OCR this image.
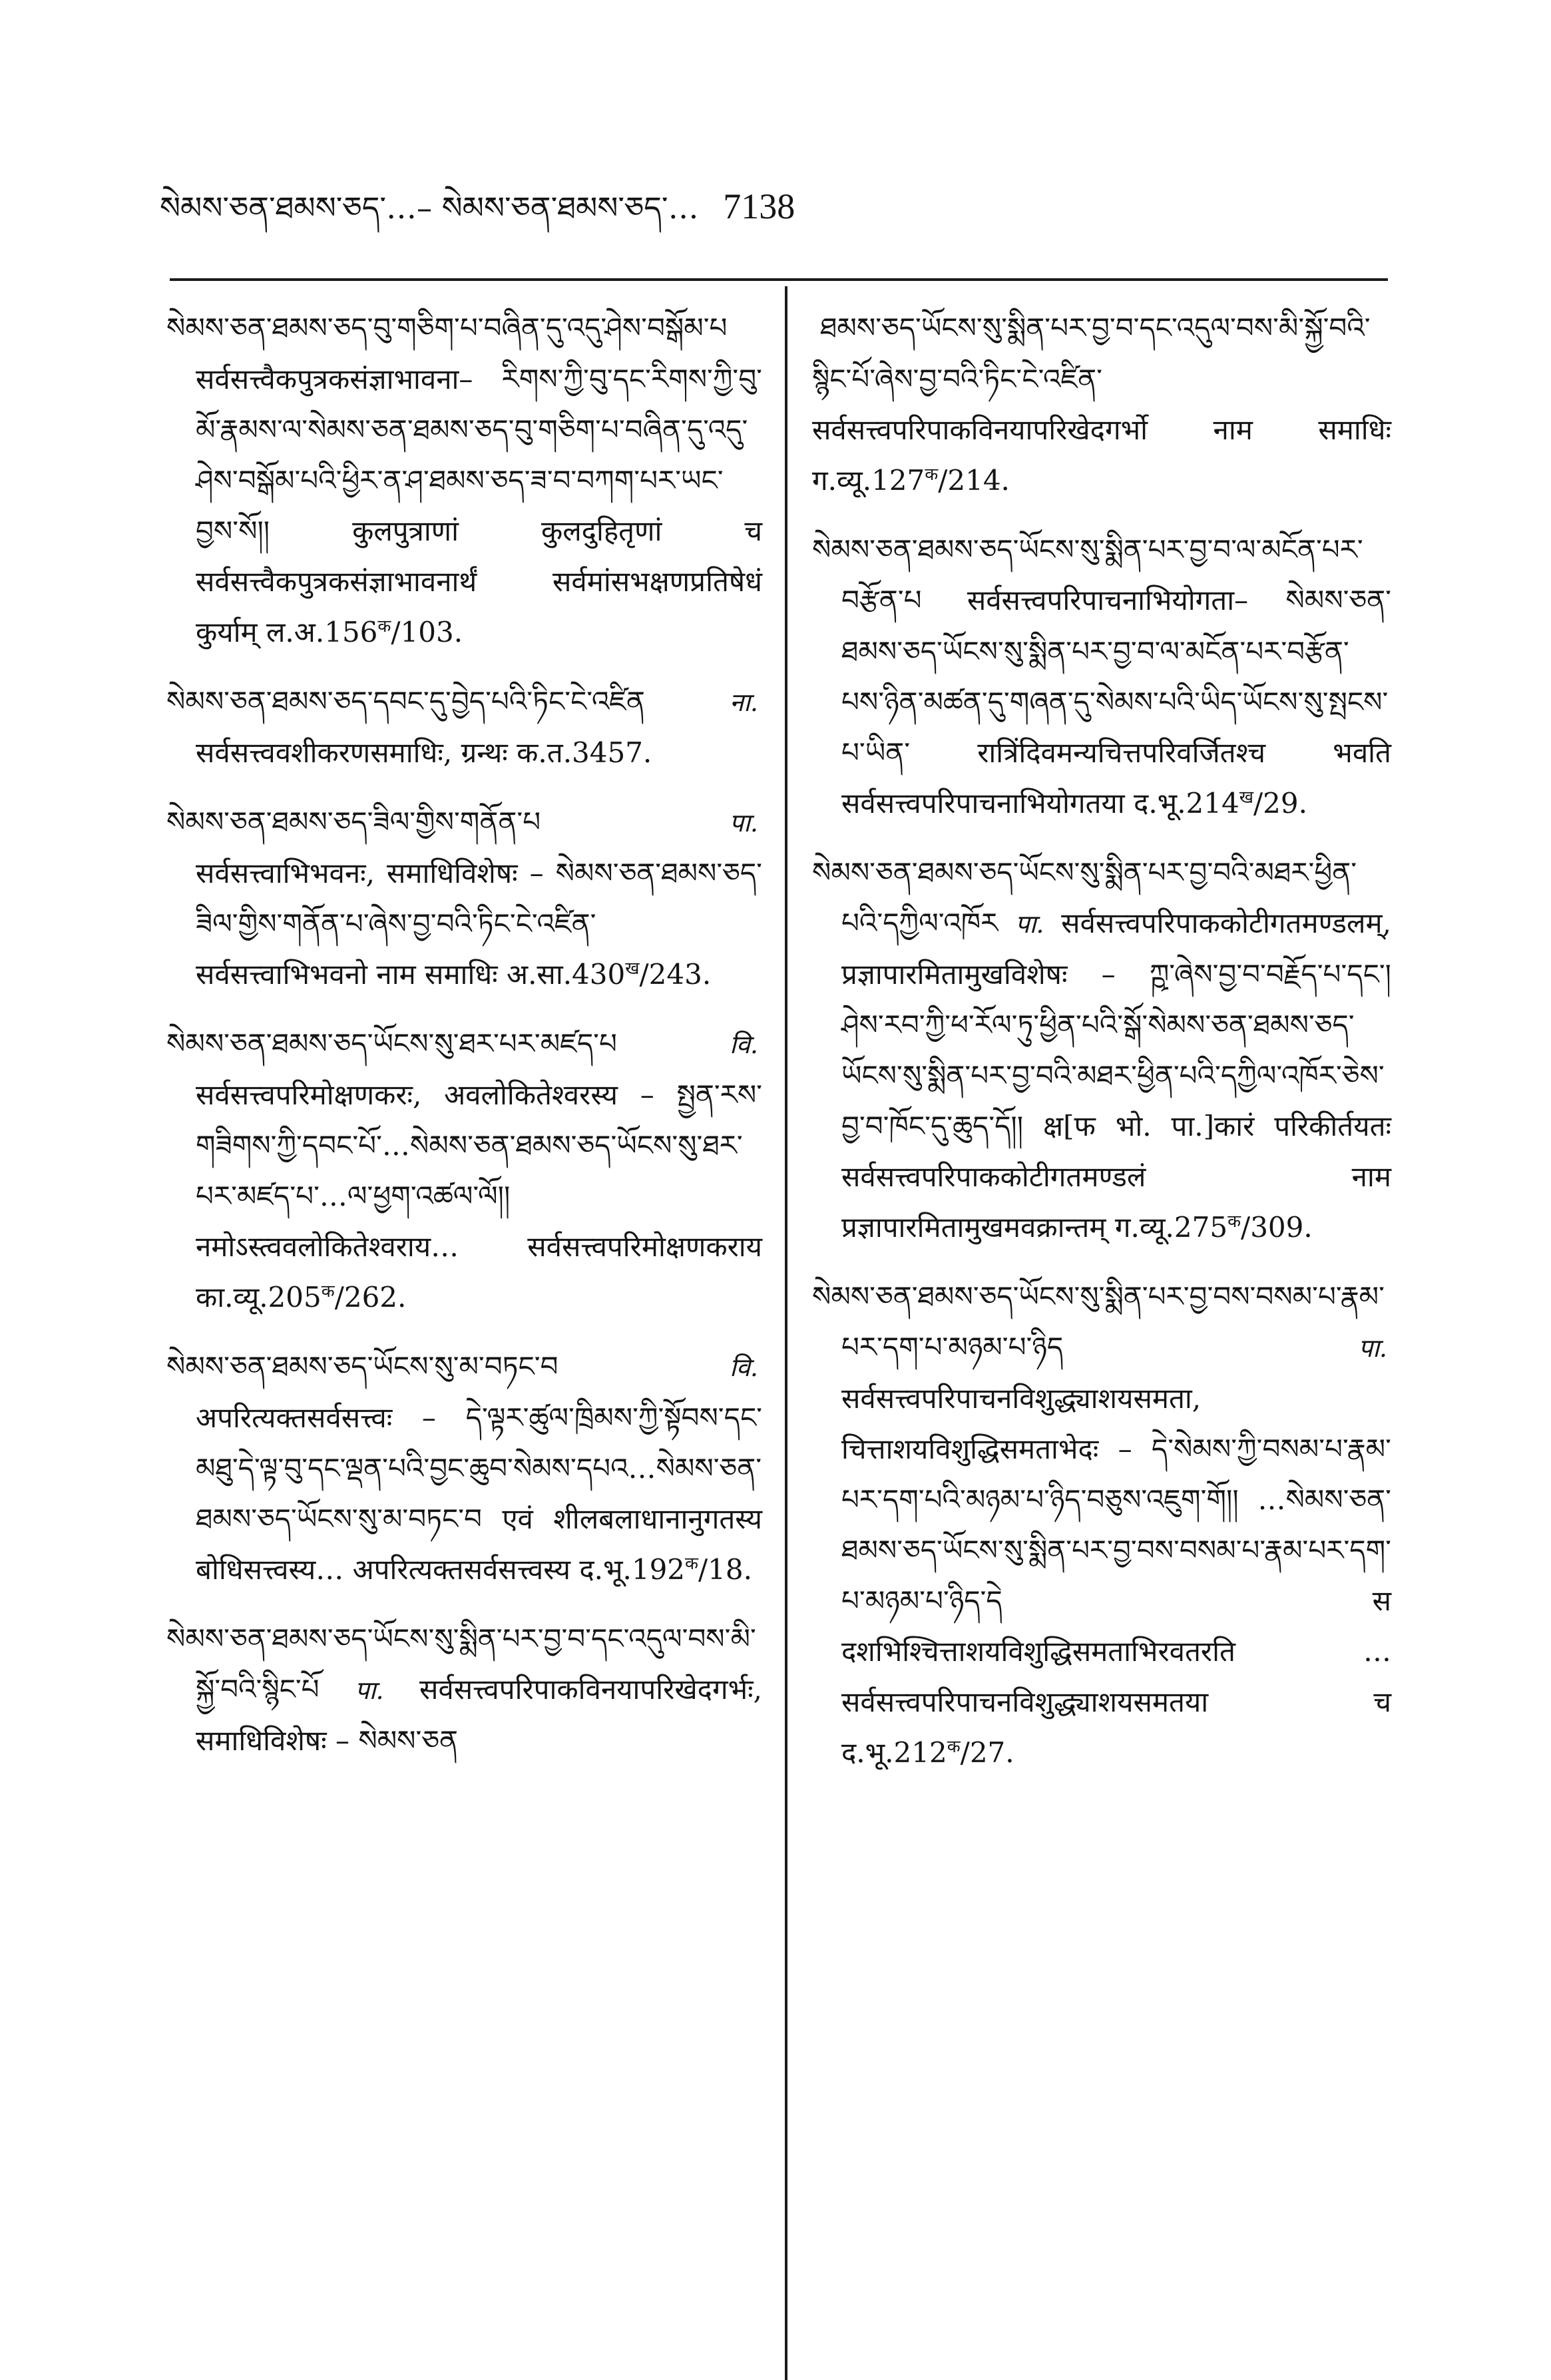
སེམས་ཅན་ཐམས་ཅད་…– སེམས་ཅན་ཐམས་ཅད་… 7138

སེམས་ཅན་ཐམས་ཅད་བུ་གཅིག་པ་བཞིན་དུ་འདུ་ཤེས་བསྒོམ་པ सर्वसत्त्वैकपुत्रकसंज्ञाभावना– རིགས་ཀྱི་བུ་དང་རིགས་ཀྱི་བུ་མོ་རྣམས་ལ་སེམས་ཅན་ཐམས་ཅད་བུ་གཅིག་པ་བཞིན་དུ་འདུ་ཤེས་བསྒོམ་པའི་ཕྱིར་ན་ཤ་ཐམས་ཅད་ཟ་བ་བཀག་པར་ཡང་བྱས་སོ།། कुलपुत्राणां कुलदुहितृणां च सर्वसत्त्वैकपुत्रकसंज्ञाभावनार्थं सर्वमांसभक्षणप्रतिषेधं कुर्याम् $ल.अ.156^क/103$.

སེམས་ཅན་ཐམས་ཅད་དབང་དུ་བྱེད་པའི་ཏིང་ངེ་འཛིན	ना. सर्वसत्त्ववशीकरणसमाधिः, ग्रन्थः क.त.3457.

སེམས་ཅན་ཐམས་ཅད་ཟིལ་གྱིས་གནོན་པ	पा. सर्वसत्त्वाभिभवनः, समाधिविशेषः – སེམས་ཅན་ཐམས་ཅད་ཟིལ་གྱིས་གནོན་པ་ཞེས་བྱ་བའི་ཏིང་ངེ་འཛིན་ सर्वसत्त्वाभिभवनो नाम समाधिः $अ.सा.430^ख/243$.

སེམས་ཅན་ཐམས་ཅད་ཡོངས་སུ་ཐར་པར་མཛད་པ	वि. सर्वसत्त्वपरिमोक्षणकरः, अवलोकितेश्वरस्य – སྤྱན་རས་གཟིགས་ཀྱི་དབང་པོ་…སེམས་ཅན་ཐམས་ཅད་ཡོངས་སུ་ཐར་པར་མཛད་པ་…ལ་ཕྱག་འཚལ་ལོ།། नमोऽस्त्ववलोकितेश्वराय… सर्वसत्त्वपरिमोक्षणकराय $का.व्यू.205^क/262$.

སེམས་ཅན་ཐམས་ཅད་ཡོངས་སུ་མ་བཏང་བ	वि. अपरित्यक्तसर्वसत्त्वः – དེ་ལྟར་ཚུལ་ཁྲིམས་ཀྱི་སྟོབས་དང་མཐུ་དེ་ལྟ་བུ་དང་ལྡན་པའི་བྱང་ཆུབ་སེམས་དཔའ…སེམས་ཅན་ཐམས་ཅད་ཡོངས་སུ་མ་བཏང་བ एवं शीलबलाधानानुगतस्य बोधिसत्त्वस्य… अपरित्यक्तसर्वसत्त्वस्य $द.भू.192^क/18$.

སེམས་ཅན་ཐམས་ཅད་ཡོངས་སུ་སྨིན་པར་བྱ་བ་དང་འདུལ་བས་མི་སྐྱོ་བའི་སྙིང་པོ पा. सर्वसत्त्वपरिपाकविनयापरिखेदगर्भः, समाधिविशेषः – སེམས་ཅན

ཐམས་ཅད་ཡོངས་སུ་སྨིན་པར་བྱ་བ་དང་འདུལ་བས་མི་སྐྱོ་བའི་སྙིང་པོ་ཞེས་བྱ་བའི་ཏིང་ངེ་འཛིན་ सर्वसत्त्वपरिपाकविनयापरिखेदगर्भो नाम समाधिः $ग.व्यू.127^क/214$.

སེམས་ཅན་ཐམས་ཅད་ཡོངས་སུ་སྨིན་པར་བྱ་བ་ལ་མངོན་པར་བརྩོན་པ सर्वसत्त्वपरिपाचनाभियोगता– སེམས་ཅན་ཐམས་ཅད་ཡོངས་སུ་སྨིན་པར་བྱ་བ་ལ་མངོན་པར་བརྩོན་པས་ཉིན་མཚན་དུ་གཞན་དུ་སེམས་པའི་ཡིད་ཡོངས་སུ་སྤངས་པ་ཡིན་ रात्रिंदिवमन्यचित्तपरिवर्जितश्च भवति सर्वसत्त्वपरिपाचनाभियोगतया $द.भू.214^ख/29$.

སེམས་ཅན་ཐམས་ཅད་ཡོངས་སུ་སྨིན་པར་བྱ་བའི་མཐར་ཕྱིན་པའི་དཀྱིལ་འཁོར पा. सर्वसत्त्वपरिपाककोटीगतमण्डलम्, प्रज्ञापारमितामुखविशेषः – ཀྵ་ཞེས་བྱ་བ་བརྗོད་པ་དང་། ཤེས་རབ་ཀྱི་ཕ་རོལ་ཏུ་ཕྱིན་པའི་སྒོ་སེམས་ཅན་ཐམས་ཅད་ཡོངས་སུ་སྨིན་པར་བྱ་བའི་མཐར་ཕྱིན་པའི་དཀྱིལ་འཁོར་ཅེས་བྱ་བ་ཁོང་དུ་ཆུད་དོ།། क्ष[फ भो. पा.]कारं परिकीर्तयतः सर्वसत्त्वपरिपाककोटीगतमण्डलं नाम प्रज्ञापारमितामुखमवक्रान्तम् $ग.व्यू.275^क/309$.

སེམས་ཅན་ཐམས་ཅད་ཡོངས་སུ་སྨིན་པར་བྱ་བས་བསམ་པ་རྣམ་པར་དག་པ་མཉམ་པ་ཉིད	पा. सर्वसत्त्वपरिपाचनविशुद्ध्याशयसमता, चित्ताशयविशुद्धिसमताभेदः – དེ་སེམས་ཀྱི་བསམ་པ་རྣམ་པར་དག་པའི་མཉམ་པ་ཉིད་བཅུས་འཇུག་གོ།། …སེམས་ཅན་ཐམས་ཅད་ཡོངས་སུ་སྨིན་པར་བྱ་བས་བསམ་པ་རྣམ་པར་དག་པ་མཉམ་པ་ཉིད་དེ स दशभिश्चित्ताशयविशुद्धिसमताभिरवतरति … सर्वसत्त्वपरिपाचनविशुद्ध्याशयसमतया च $द.भू.212^क/27$.
